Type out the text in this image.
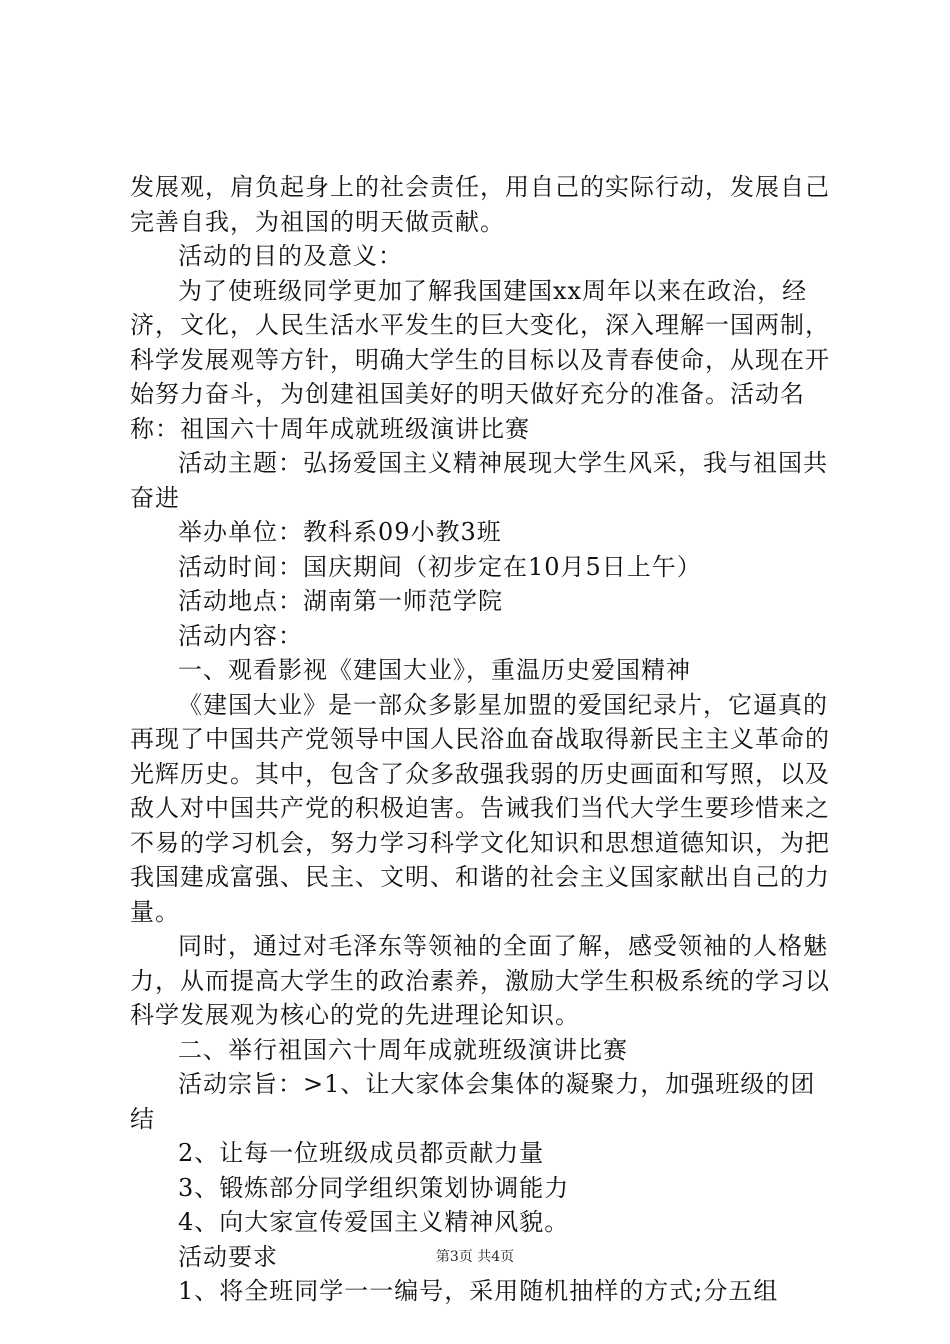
发展观，肩负起身上的社会责任，用自己的实际行动，发展自己完善自我，为祖国的明天做贡献。

活动的目的及意义：

为了使班级同学更加了解我国建国xx周年以来在政治，经济，文化，人民生活水平发生的巨大变化，深入理解一国两制，科学发展观等方针，明确大学生的目标以及青春使命，从现在开始努力奋斗，为创建祖国美好的明天做好充分的准备。活动名称：祖国六十周年成就班级演讲比赛

活动主题：弘扬爱国主义精神展现大学生风采，我与祖国共奋进

举办单位：教科系09小教3班

活动时间：国庆期间（初步定在10月5日上午）

活动地点：湖南第一师范学院

活动内容：

一、观看影视《建国大业》，重温历史爱国精神

《建国大业》是一部众多影星加盟的爱国纪录片，它逼真的再现了中国共产党领导中国人民浴血奋战取得新民主主义革命的光辉历史。其中，包含了众多敌强我弱的历史画面和写照，以及敌人对中国共产党的积极迫害。告诫我们当代大学生要珍惜来之不易的学习机会，努力学习科学文化知识和思想道德知识，为把我国建成富强、民主、文明、和谐的社会主义国家献出自己的力量。

同时，通过对毛泽东等领袖的全面了解，感受领袖的人格魅力，从而提高大学生的政治素养，激励大学生积极系统的学习以科学发展观为核心的党的先进理论知识。

二、举行祖国六十周年成就班级演讲比赛

活动宗旨：>1、让大家体会集体的凝聚力，加强班级的团结

2、让每一位班级成员都贡献力量

3、锻炼部分同学组织策划协调能力

4、向大家宣传爱国主义精神风貌。

活动要求

1、将全班同学一一编号，采用随机抽样的方式;分五组

第3页 共4页
